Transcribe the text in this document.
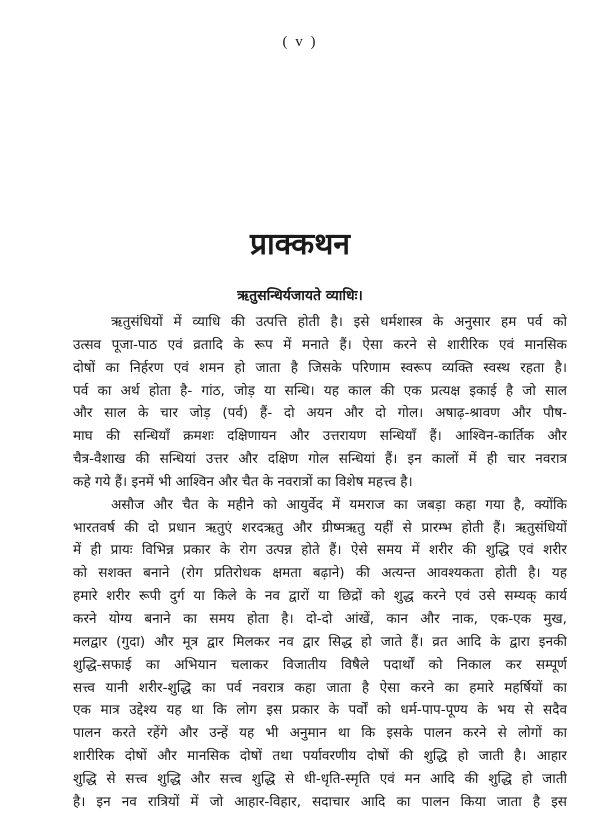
( v )
प्राक्कथन
ऋतुसन्धिर्यजायते व्याधिः।
ऋतुसंधियों में व्याधि की उत्पत्ति होती है। इसे धर्मशास्त्र के अनुसार हम पर्व को
उत्सव पूजा-पाठ एवं व्रतादि के रूप में मनाते हैं। ऐसा करने से शारीरिक एवं मानसिक
दोषों का निर्हरण एवं शमन हो जाता है जिसके परिणाम स्वरूप व्यक्ति स्वस्थ रहता है।
पर्व का अर्थ होता है- गांठ, जोड़ या सन्धि। यह काल की एक प्रत्यक्ष इकाई है जो साल
और साल के चार जोड़ (पर्व) हैं- दो अयन और दो गोल। अषाढ़-श्रावण और पौष-
माघ की सन्धियाँ क्रमशः दक्षिणायन और उत्तरायण सन्धियाँ हैं। आश्विन-कार्तिक और
चैत्र-वैशाख की सन्धियां उत्तर और दक्षिण गोल सन्धियां हैं। इन कालों में ही चार नवरात्र
कहे गये हैं। इनमें भी आश्विन और चैत के नवरात्रों का विशेष महत्त्व है।
असौज और चैत के महीने को आयुर्वेद में यमराज का जबड़ा कहा गया है, क्योंकि
भारतवर्ष की दो प्रधान ऋतुएं शरदऋतु और ग्रीष्मऋतु यहीं से प्रारम्भ होती हैं। ऋतुसंधियों
में ही प्रायः विभिन्न प्रकार के रोग उत्पन्न होते हैं। ऐसे समय में शरीर की शुद्धि एवं शरीर
को सशक्त बनाने (रोग प्रतिरोधक क्षमता बढ़ाने) की अत्यन्त आवश्यकता होती है। यह
हमारे शरीर रूपी दुर्ग या किले के नव द्वारों या छिद्रों को शुद्ध करने एवं उसे सम्यक् कार्य
करने योग्य बनाने का समय होता है। दो-दो आंखें, कान और नाक, एक-एक मुख,
मलद्वार (गुदा) और मूत्र द्वार मिलकर नव द्वार सिद्ध हो जाते हैं। व्रत आदि के द्वारा इनकी
शुद्धि-सफाई का अभियान चलाकर विजातीय विषैले पदार्थों को निकाल कर सम्पूर्ण
सत्त्व यानी शरीर-शुद्धि का पर्व नवरात्र कहा जाता है ऐसा करने का हमारे महर्षियों का
एक मात्र उद्देश्य यह था कि लोग इस प्रकार के पर्वों को धर्म-पाप-पूण्य के भय से सदैव
पालन करते रहेंगे और उन्हें यह भी अनुमान था कि इसके पालन करने से लोगों का
शारीरिक दोषों और मानसिक दोषों तथा पर्यावरणीय दोषों की शुद्धि हो जाती है। आहार
शुद्धि से सत्त्व शुद्धि और सत्त्व शुद्धि से धी-धृति-स्मृति एवं मन आदि की शुद्धि हो जाती
है। इन नव रात्रियों में जो आहार-विहार, सदाचार आदि का पालन किया जाता है इस
